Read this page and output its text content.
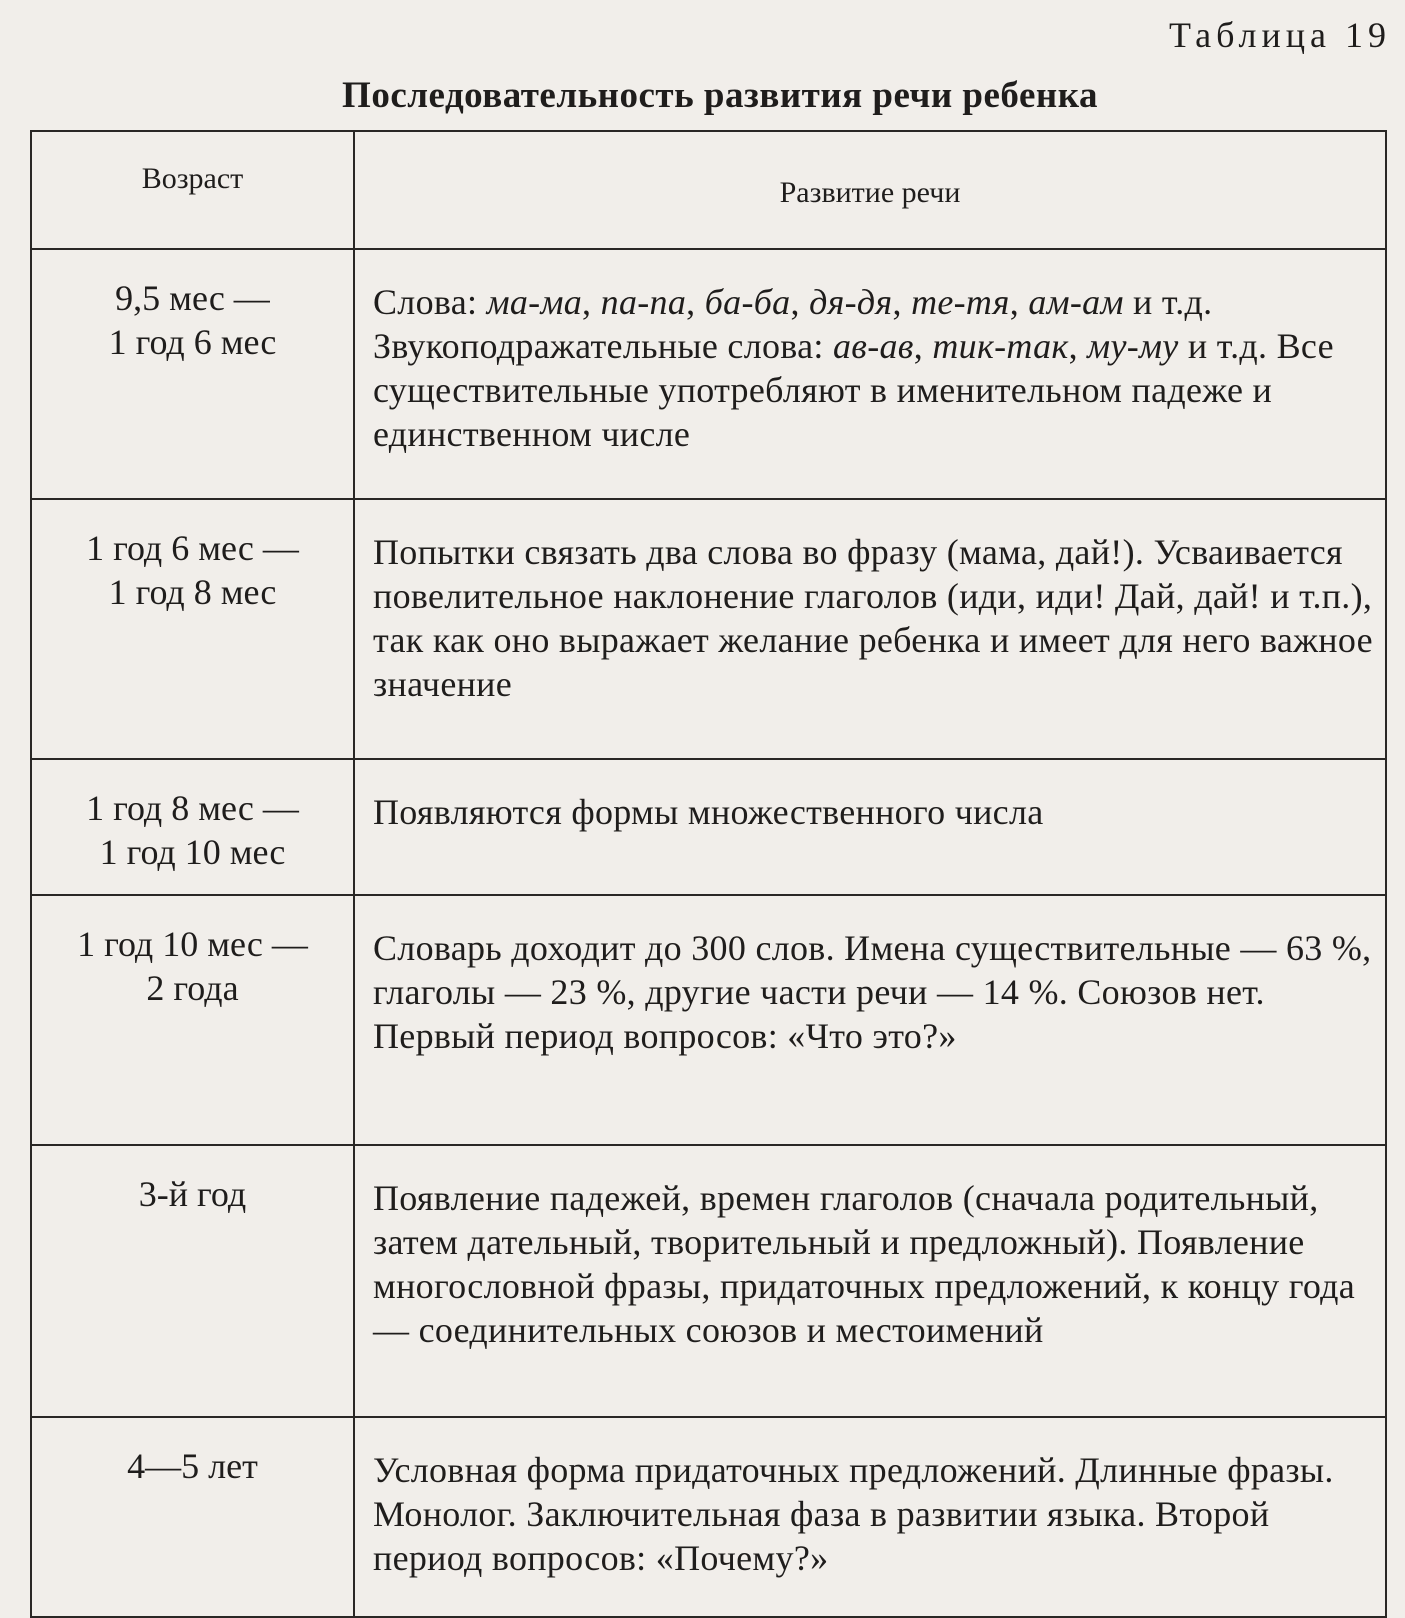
Таблица 19
Последовательность развития речи ребенка
Возраст	Развитие речи

9,5 мес —
1 год 6 мес	Слова: ма-ма, па-па, ба-ба, дя-дя, те-тя, ам-ам и т.д. Звукоподражательные слова: ав-ав, тик-так, му-му и т.д. Все существительные употребляют в именительном падеже и единственном числе

1 год 6 мес —
1 год 8 мес	Попытки связать два слова во фразу (мама, дай!). Усваивается повелительное наклонение глаголов (иди, иди! Дай, дай! и т.п.), так как оно выражает желание ребенка и имеет для него важное значение

1 год 8 мес —
1 год 10 мес	Появляются формы множественного числа

1 год 10 мес —
2 года	Словарь доходит до 300 слов. Имена существительные — 63 %, глаголы — 23 %, другие части речи — 14 %. Союзов нет. Первый период вопросов: «Что это?»

3-й год	Появление падежей, времен глаголов (сначала родительный, затем дательный, творительный и предложный). Появление многословной фразы, придаточных предложений, к концу года — соединительных союзов и местоимений

4—5 лет	Условная форма придаточных предложений. Длинные фразы. Монолог. Заключительная фаза в развитии языка. Второй период вопросов: «Почему?»
